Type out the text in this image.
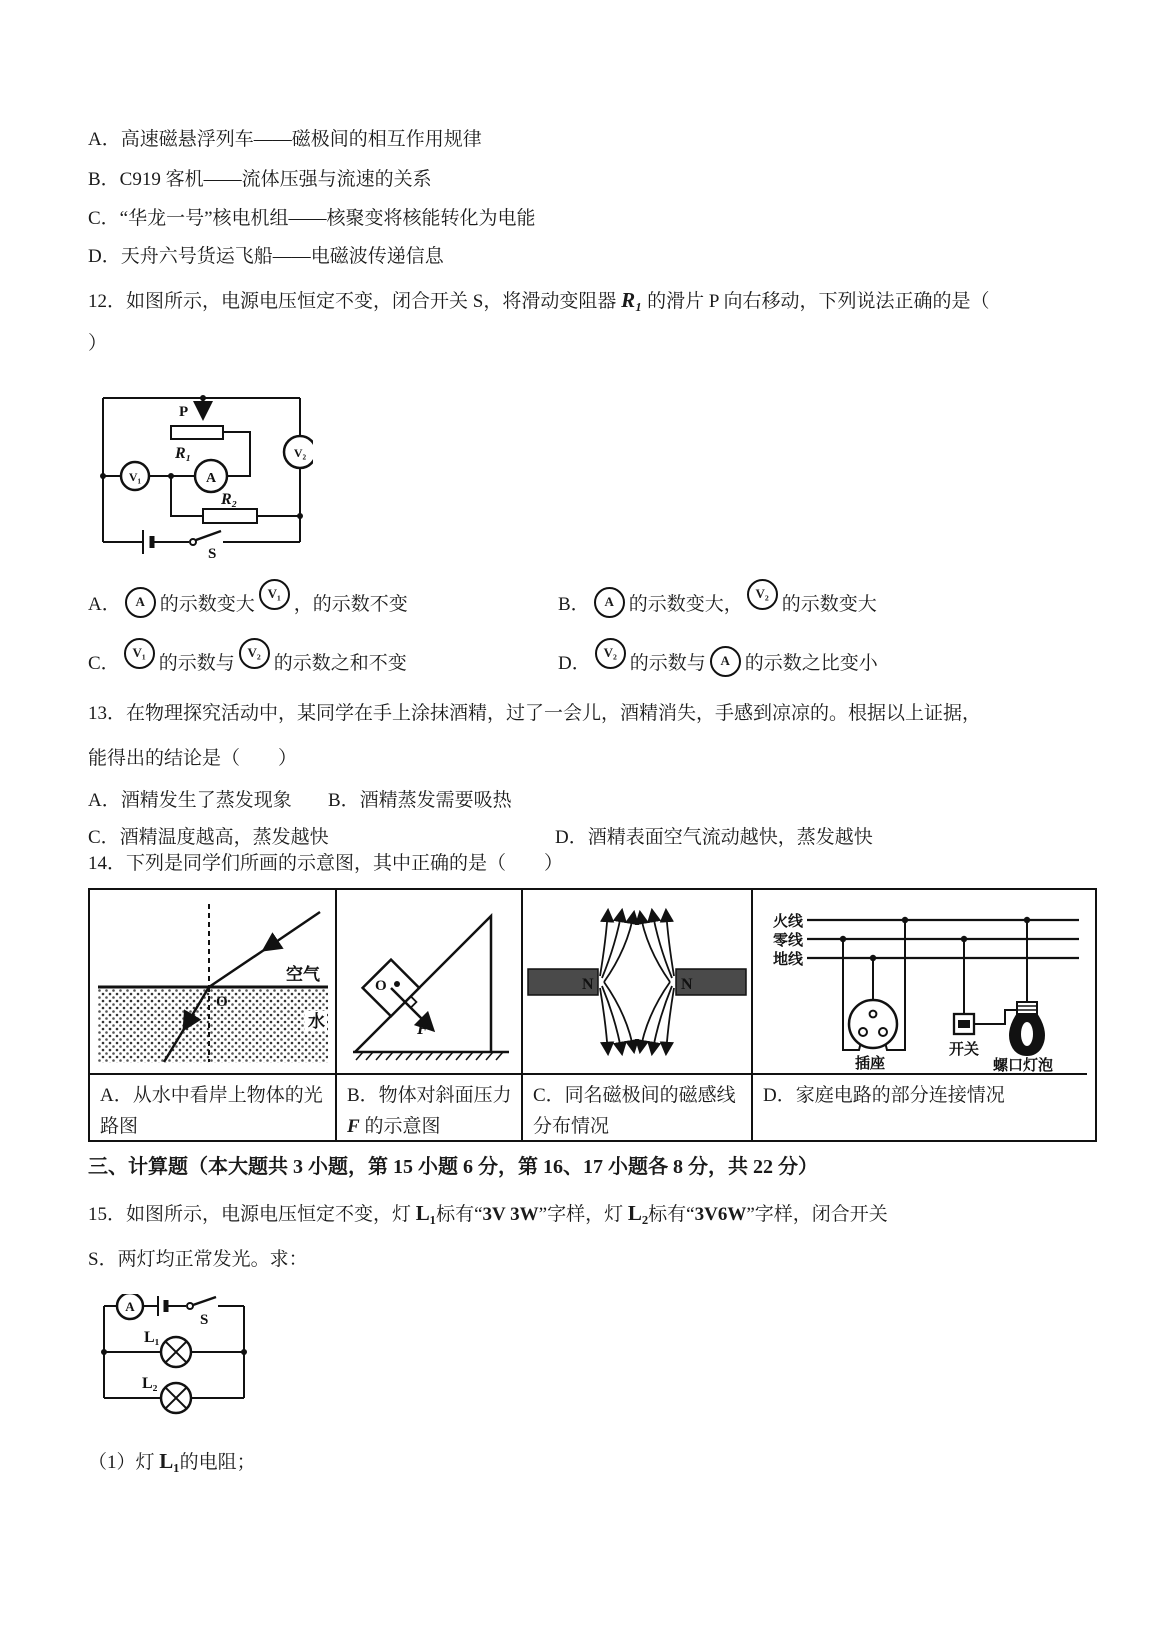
A．高速磁悬浮列车——磁极间的相互作用规律
B．C919 客机——流体压强与流速的关系
C．“华龙一号”核电机组——核聚变将核能转化为电能
D．天舟六号货运飞船——电磁波传递信息
12．如图所示，电源电压恒定不变，闭合开关 S，将滑动变阻器 R₁ 的滑片 P 向右移动，下列说法正确的是（
）
S
P
R₁
V₁	A
V₂
R₂
A．	A 的示数变大 V₁ ，的示数不变	B．	A 的示数变大， V₂ 的示数变大
C． V₁ 的示数与 V₂ 的示数之和不变	D． V₂ 的示数与	A 的示数之比变小
13．在物理探究活动中，某同学在手上涂抹酒精，过了一会儿，酒精消失，手感到凉凉的。根据以上证据，
能得出的结论是（　　）
A．酒精发生了蒸发现象 B．酒精蒸发需要吸热
C．酒精温度越高，蒸发越快	D．酒精表面空气流动越快，蒸发越快
14．下列是同学们所画的示意图，其中正确的是（　　）
O
空气
水
O
F
N	N
火线
零线
地线
插座
开关
螺口灯泡
A．从水中看岸上物体的光路图
B．物体对斜面压力 F 的示意图
C．同名磁极间的磁感线分布情况
D．家庭电路的部分连接情况
三、计算题（本大题共 3 小题，第 15 小题 6 分，第 16、17 小题各 8 分，共 22 分）
15．如图所示，电源电压恒定不变，灯 L₁标有“3V 3W”字样，灯 L₂标有“3V6W”字样，闭合开关
S．两灯均正常发光。求：
A
S
L₁
L₂
（1）灯 L₁的电阻；
